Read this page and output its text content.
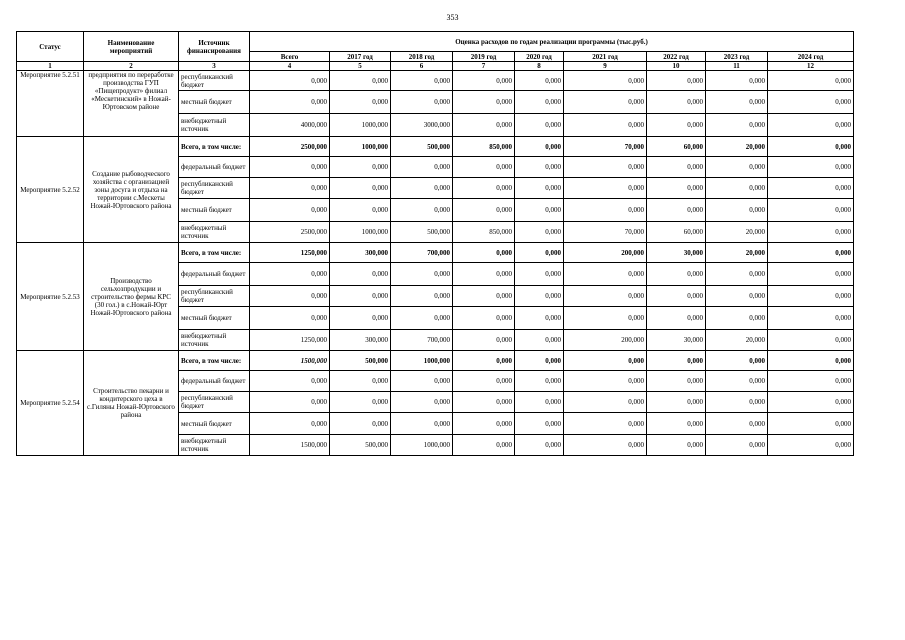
353
Статус	Наименование мероприятий	Источник финансирования	Оценка расходов по годам реализации программы (тыс.руб.)								
			Всего	2017 год	2018 год	2019 год	2020 год	2021 год	2022 год	2023 год	2024 год
1	2	3	4	5	6	7	8	9	10	11	12
Мероприятие 5.2.51	предприятия по переработке производства ГУП «Пищепродукт» филиал «Мескетинский» в Ножай-Юртовском районе	республиканский бюджет	0,000	0,000	0,000	0,000	0,000	0,000	0,000	0,000	0,000
		местный бюджет	0,000	0,000	0,000	0,000	0,000	0,000	0,000	0,000	0,000
		внебюджетный источник	4000,000	1000,000	3000,000	0,000	0,000	0,000	0,000	0,000	0,000
Мероприятие 5.2.52	Создание рыбоводческого хозяйства с организацией зоны досуга и отдыха на территории с.Мескеты Ножай-Юртовского района	Всего, в том числе:	2500,000	1000,000	500,000	850,000	0,000	70,000	60,000	20,000	0,000
		федеральный бюджет	0,000	0,000	0,000	0,000	0,000	0,000	0,000	0,000	0,000
		республиканский бюджет	0,000	0,000	0,000	0,000	0,000	0,000	0,000	0,000	0,000
		местный бюджет	0,000	0,000	0,000	0,000	0,000	0,000	0,000	0,000	0,000
		внебюджетный источник	2500,000	1000,000	500,000	850,000	0,000	70,000	60,000	20,000	0,000
Мероприятие 5.2.53	Производство сельхозпродукции и строительство фермы КРС (30 гол.) в с.Ножай-Юрт Ножай-Юртовского района	Всего, в том числе:	1250,000	300,000	700,000	0,000	0,000	200,000	30,000	20,000	0,000
		федеральный бюджет	0,000	0,000	0,000	0,000	0,000	0,000	0,000	0,000	0,000
		республиканский бюджет	0,000	0,000	0,000	0,000	0,000	0,000	0,000	0,000	0,000
		местный бюджет	0,000	0,000	0,000	0,000	0,000	0,000	0,000	0,000	0,000
		внебюджетный источник	1250,000	300,000	700,000	0,000	0,000	200,000	30,000	20,000	0,000
Мероприятие 5.2.54	Строительство пекарни и кондитерского цеха в с.Гиляны Ножай-Юртовского района	Всего, в том числе:	1500,000	500,000	1000,000	0,000	0,000	0,000	0,000	0,000	0,000
		федеральный бюджет	0,000	0,000	0,000	0,000	0,000	0,000	0,000	0,000	0,000
		республиканский бюджет	0,000	0,000	0,000	0,000	0,000	0,000	0,000	0,000	0,000
		местный бюджет	0,000	0,000	0,000	0,000	0,000	0,000	0,000	0,000	0,000
		внебюджетный источник	1500,000	500,000	1000,000	0,000	0,000	0,000	0,000	0,000	0,000
